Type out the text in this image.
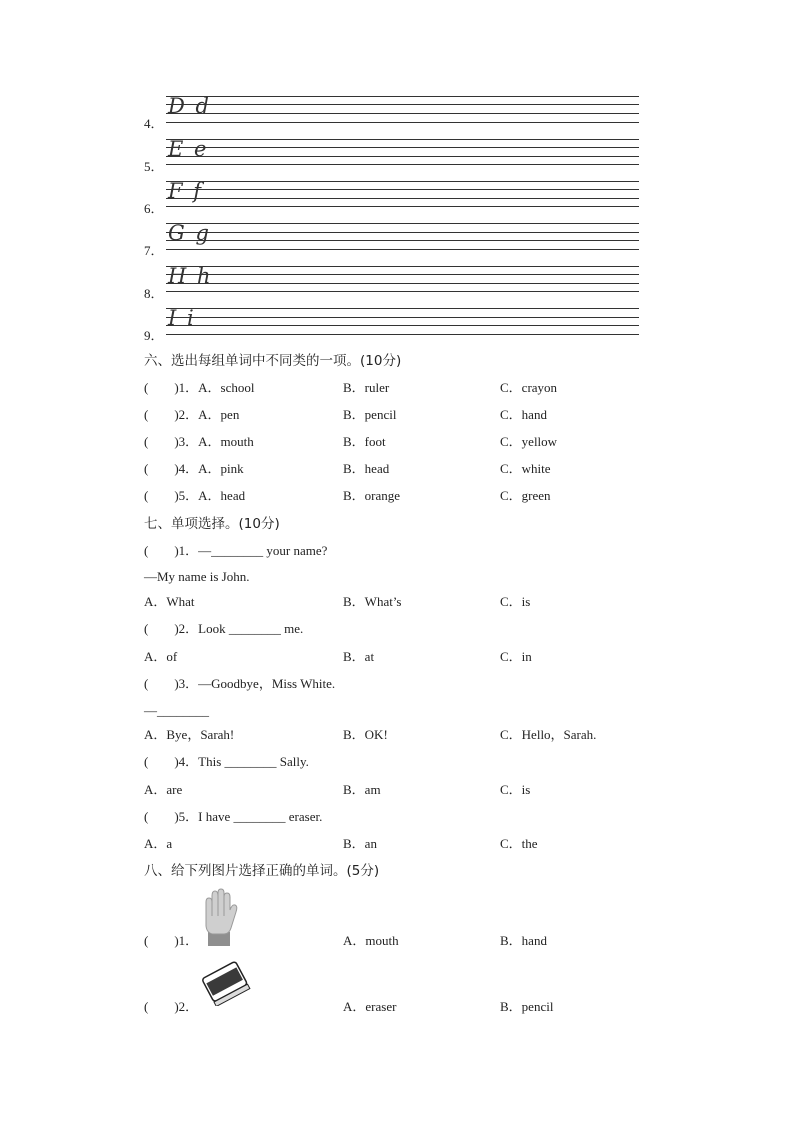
4．
D d
5．
E e
6．
F f
7．
G g
8．
H h
9．
I i
六、选出每组单词中不同类的一项。(10分)
(　　)1．A．school	B．ruler	C．crayon
(　　)2．A．pen	B．pencil	C．hand
(　　)3．A．mouth	B．foot	C．yellow
(　　)4．A．pink	B．head	C．white
(　　)5．A．head	B．orange	C．green
七、单项选择。(10分)
(　　)1．—________ your name?
—My name is John.
A．What	B．What’s	C．is
(　　)2．Look ________ me.
A．of	B．at	C．in
(　　)3．—Goodbye，Miss White.
—________
A．Bye，Sarah!	B．OK!	C．Hello，Sarah.
(　　)4．This ________ Sally.
A．are	B．am	C．is
(　　)5．I have ________ eraser.
A．a	B．an	C．the
八、给下列图片选择正确的单词。(5分)
(　　)1．	A．mouth	B．hand
(　　)2．	A．eraser	B．pencil
